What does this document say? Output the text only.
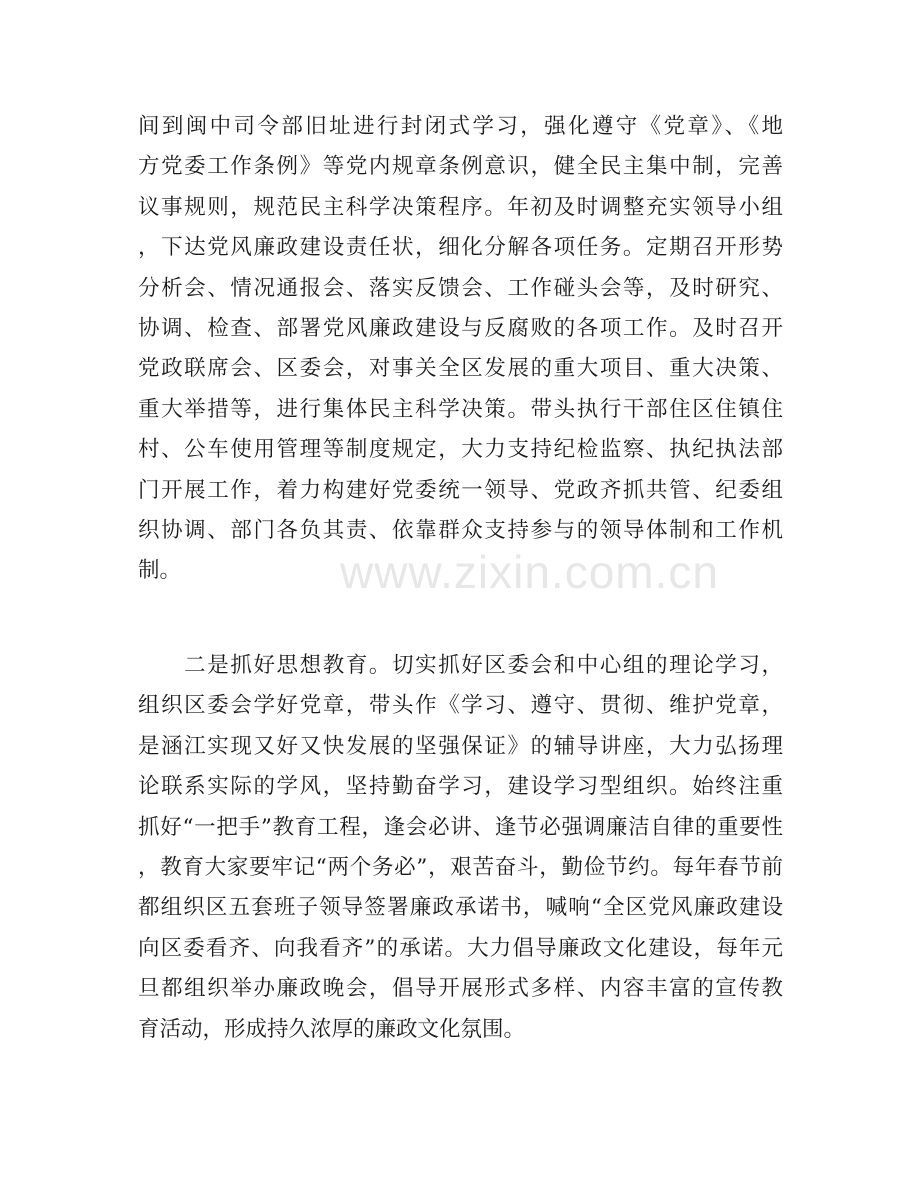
间到闽中司令部旧址进行封闭式学习，强化遵守《党章》、《地
方党委工作条例》等党内规章条例意识，健全民主集中制，完善
议事规则，规范民主科学决策程序。年初及时调整充实领导小组
，下达党风廉政建设责任状，细化分解各项任务。定期召开形势
分析会、情况通报会、落实反馈会、工作碰头会等，及时研究、
协调、检查、部署党风廉政建设与反腐败的各项工作。及时召开
党政联席会、区委会，对事关全区发展的重大项目、重大决策、
重大举措等，进行集体民主科学决策。带头执行干部住区住镇住
村、公车使用管理等制度规定，大力支持纪检监察、执纪执法部
门开展工作，着力构建好党委统一领导、党政齐抓共管、纪委组
织协调、部门各负其责、依靠群众支持参与的领导体制和工作机
制。
　　二是抓好思想教育。切实抓好区委会和中心组的理论学习，
组织区委会学好党章，带头作《学习、遵守、贯彻、维护党章，
是涵江实现又好又快发展的坚强保证》的辅导讲座，大力弘扬理
论联系实际的学风，坚持勤奋学习，建设学习型组织。始终注重
抓好“一把手”教育工程，逢会必讲、逢节必强调廉洁自律的重要性
，教育大家要牢记“两个务必”，艰苦奋斗，勤俭节约。每年春节前
都组织区五套班子领导签署廉政承诺书，喊响“全区党风廉政建设
向区委看齐、向我看齐”的承诺。大力倡导廉政文化建设，每年元
旦都组织举办廉政晚会，倡导开展形式多样、内容丰富的宣传教
育活动，形成持久浓厚的廉政文化氛围。
www.zixin.com.cn
